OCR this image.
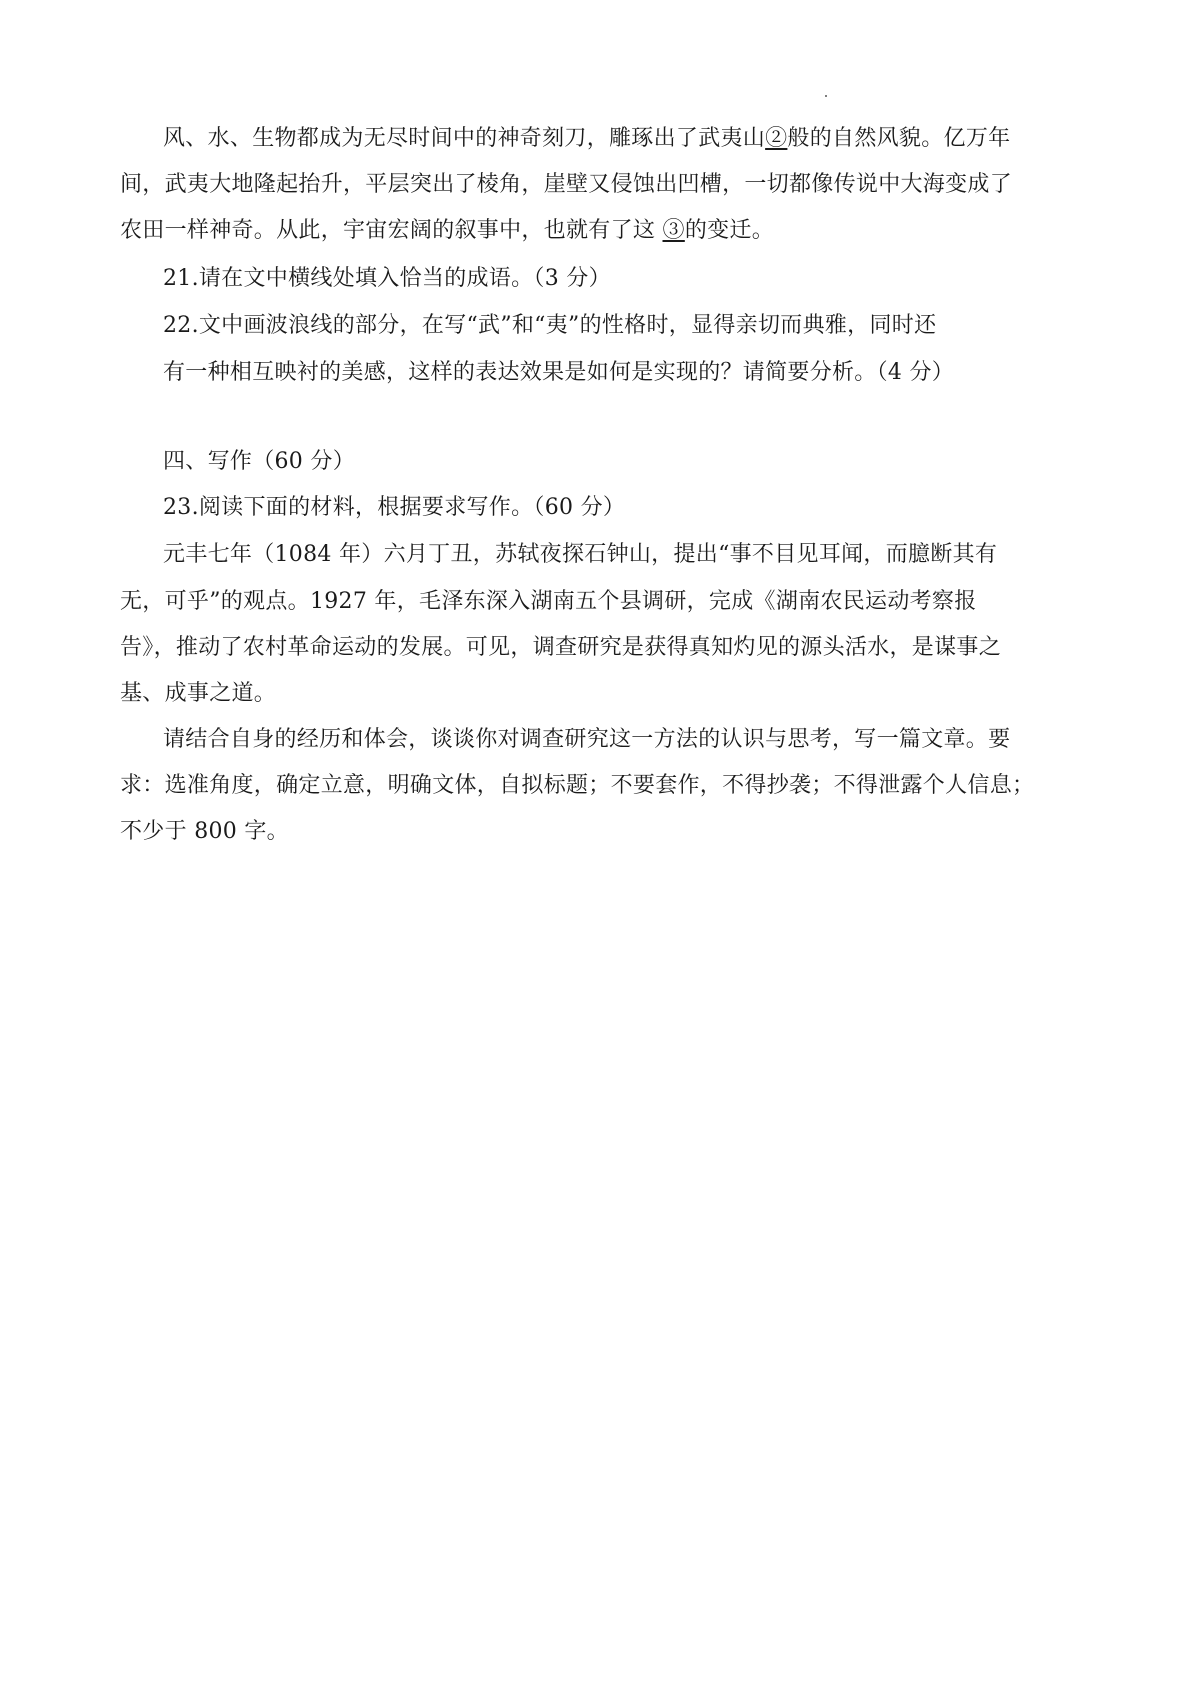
风、水、生物都成为无尽时间中的神奇刻刀，雕琢出了武夷山②般的自然风貌。亿万年
间，武夷大地隆起抬升，平层突出了棱角，崖壁又侵蚀出凹槽，一切都像传说中大海变成了
农田一样神奇。从此，宇宙宏阔的叙事中，也就有了这 ③的变迁。
21.请在文中横线处填入恰当的成语。（3 分）
22.文中画波浪线的部分，在写“武”和“夷”的性格时，显得亲切而典雅，同时还
有一种相互映衬的美感，这样的表达效果是如何是实现的？请简要分析。（4 分）
四、写作（60 分）
23.阅读下面的材料，根据要求写作。（60 分）
元丰七年（1084 年）六月丁丑，苏轼夜探石钟山，提出“事不目见耳闻，而臆断其有
无，可乎”的观点。1927 年，毛泽东深入湖南五个县调研，完成《湖南农民运动考察报
告》，推动了农村革命运动的发展。可见，调查研究是获得真知灼见的源头活水，是谋事之
基、成事之道。
请结合自身的经历和体会，谈谈你对调查研究这一方法的认识与思考，写一篇文章。要
求：选准角度，确定立意，明确文体，自拟标题；不要套作，不得抄袭；不得泄露个人信息；
不少于 800 字。
